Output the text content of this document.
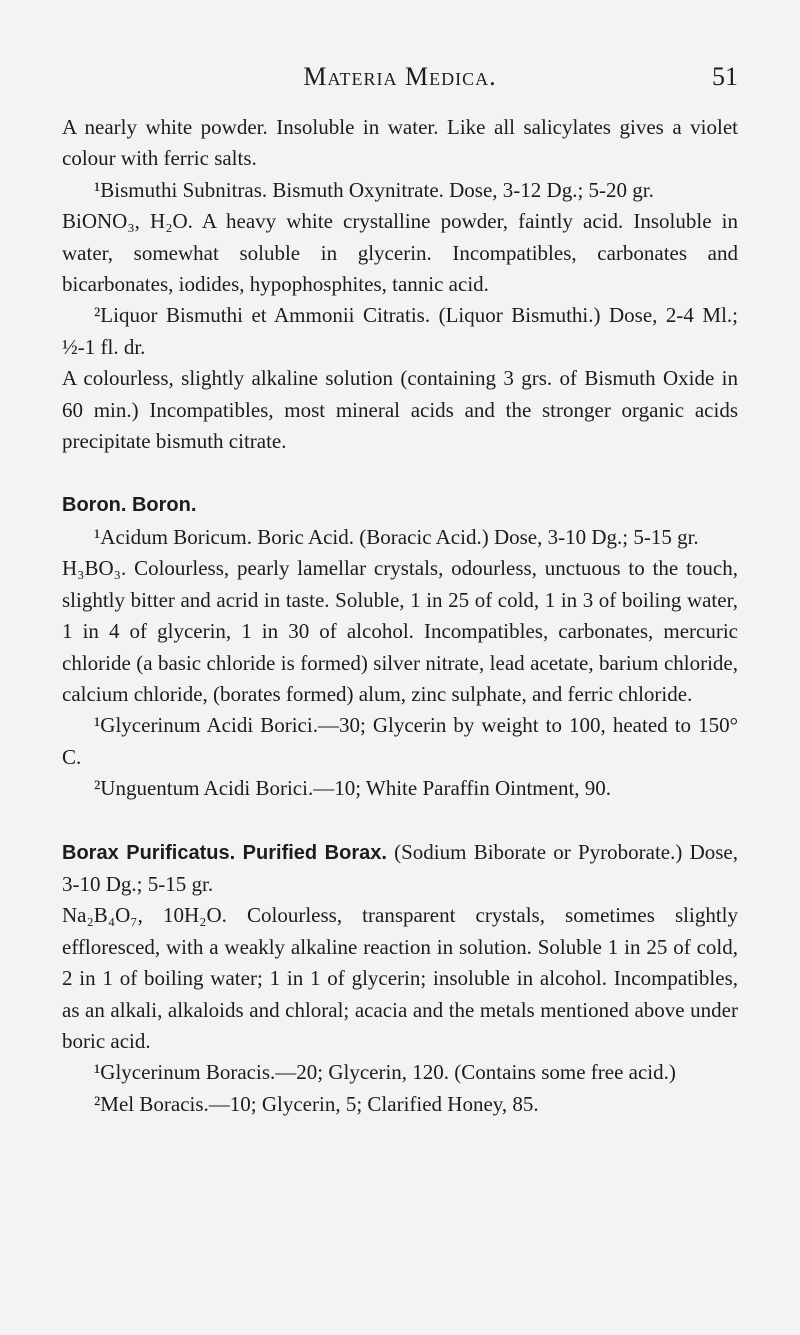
Materia Medica.	51

A nearly white powder. Insoluble in water. Like all salicylates gives a violet colour with ferric salts.

¹Bismuthi Subnitras. Bismuth Oxynitrate. Dose, 3-12 Dg.; 5-20 gr.

BiONO₃, H₂O. A heavy white crystalline powder, faintly acid. Insoluble in water, somewhat soluble in glycerin. Incompatibles, carbonates and bicarbonates, iodides, hypophosphites, tannic acid.

²Liquor Bismuthi et Ammonii Citratis. (Liquor Bismuthi.) Dose, 2-4 Ml.; ½-1 fl. dr.

A colourless, slightly alkaline solution (containing 3 grs. of Bismuth Oxide in 60 min.) Incompatibles, most mineral acids and the stronger organic acids precipitate bismuth citrate.

Boron. Boron.

¹Acidum Boricum. Boric Acid. (Boracic Acid.) Dose, 3-10 Dg.; 5-15 gr.

H₃BO₃. Colourless, pearly lamellar crystals, odourless, unctuous to the touch, slightly bitter and acrid in taste. Soluble, 1 in 25 of cold, 1 in 3 of boiling water, 1 in 4 of glycerin, 1 in 30 of alcohol. Incompatibles, carbonates, mercuric chloride (a basic chloride is formed) silver nitrate, lead acetate, barium chloride, calcium chloride, (borates formed) alum, zinc sulphate, and ferric chloride.

¹Glycerinum Acidi Borici.—30; Glycerin by weight to 100, heated to 150° C.

²Unguentum Acidi Borici.—10; White Paraffin Ointment, 90.

Borax Purificatus. Purified Borax. (Sodium Biborate or Pyroborate.) Dose, 3-10 Dg.; 5-15 gr.

Na₂B₄O₇, 10H₂O. Colourless, transparent crystals, sometimes slightly effloresced, with a weakly alkaline reaction in solution. Soluble 1 in 25 of cold, 2 in 1 of boiling water; 1 in 1 of glycerin; insoluble in alcohol. Incompatibles, as an alkali, alkaloids and chloral; acacia and the metals mentioned above under boric acid.

¹Glycerinum Boracis.—20; Glycerin, 120. (Contains some free acid.)

²Mel Boracis.—10; Glycerin, 5; Clarified Honey, 85.
